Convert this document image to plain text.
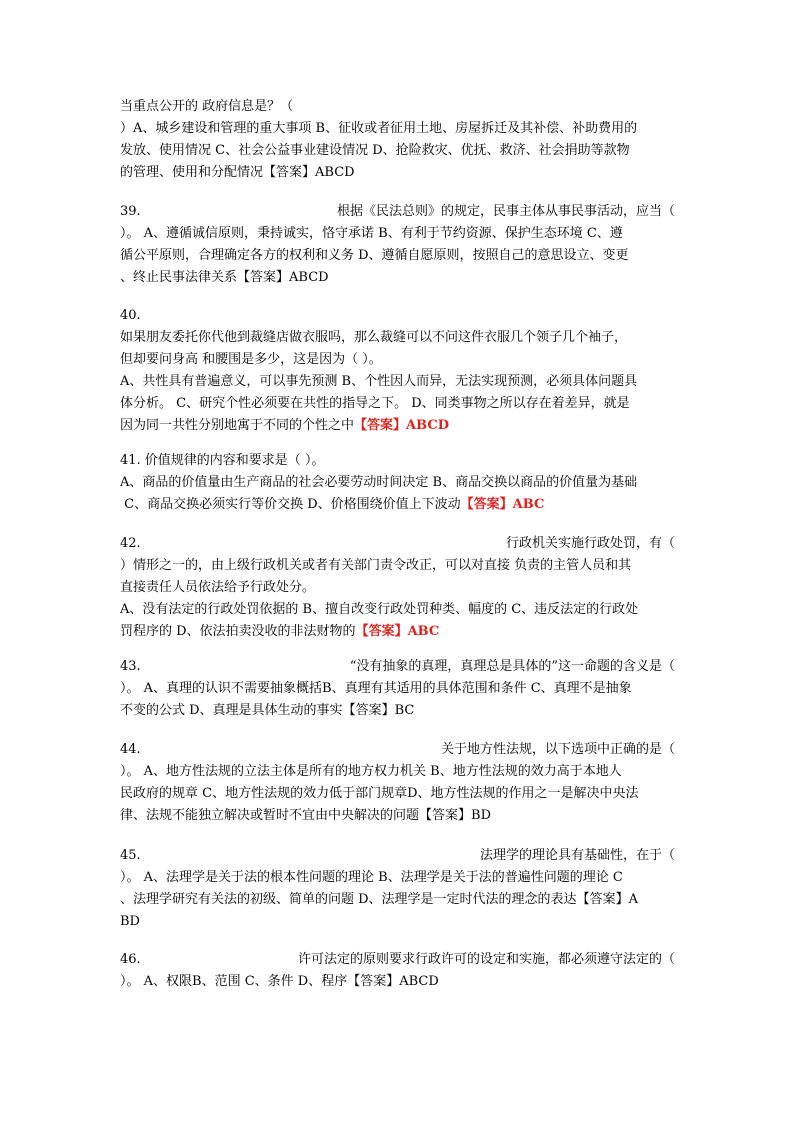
当重点公开的 政府信息是？（
）A、城乡建设和管理的重大事项 B、征收或者征用土地、房屋拆迁及其补偿、补助费用的
发放、使用情况 C、社会公益事业建设情况 D、抢险救灾、优抚、救济、社会捐助等款物
的管理、使用和分配情况【答案】ABCD
39.	根据《民法总则》的规定，民事主体从事民事活动，应当（
）。 A、遵循诚信原则，秉持诚实，恪守承诺 B、有利于节约资源、保护生态环境 C、遵
循公平原则，合理确定各方的权利和义务 D、遵循自愿原则，按照自己的意思设立、变更
、终止民事法律关系【答案】ABCD
40.
如果朋友委托你代他到裁缝店做衣服吗，那么裁缝可以不问这件衣服几个领子几个袖子，
但却要问身高 和腰围是多少，这是因为（ ）。
A、共性具有普遍意义，可以事先预测 B、个性因人而异，无法实现预测，必须具体问题具
体分析。 C、研究个性必须要在共性的指导之下。 D、同类事物之所以存在着差异，就是
因为同一共性分别地寓于不同的个性之中【答案】ABCD
41. 价值规律的内容和要求是（ ）。
A、商品的价值量由生产商品的社会必要劳动时间决定 B、商品交换以商品的价值量为基础
C、商品交换必须实行等价交换 D、价格围绕价值上下波动【答案】ABC
42.	行政机关实施行政处罚，有（
）情形之一的，由上级行政机关或者有关部门责令改正，可以对直接 负责的主管人员和其
直接责任人员依法给予行政处分。
A、没有法定的行政处罚依据的 B、擅自改变行政处罚种类、幅度的 C、违反法定的行政处
罚程序的 D、依法拍卖没收的非法财物的【答案】ABC
43.	“没有抽象的真理，真理总是具体的”这一命题的含义是（
）。 A、真理的认识不需要抽象概括B、真理有其适用的具体范围和条件 C、真理不是抽象
不变的公式 D、真理是具体生动的事实【答案】BC
44.	关于地方性法规，以下选项中正确的是（
）。 A、地方性法规的立法主体是所有的地方权力机关 B、地方性法规的效力高于本地人
民政府的规章 C、地方性法规的效力低于部门规章D、地方性法规的作用之一是解决中央法
律、法规不能独立解决或暂时不宜由中央解决的问题【答案】BD
45.	法理学的理论具有基础性，在于（
）。 A、法理学是关于法的根本性问题的理论 B、法理学是关于法的普遍性问题的理论 C
、法理学研究有关法的初级、简单的问题 D、法理学是一定时代法的理念的表达【答案】A
BD
46.	许可法定的原则要求行政许可的设定和实施，都必须遵守法定的（
）。 A、权限B、范围 C、条件 D、程序【答案】ABCD
